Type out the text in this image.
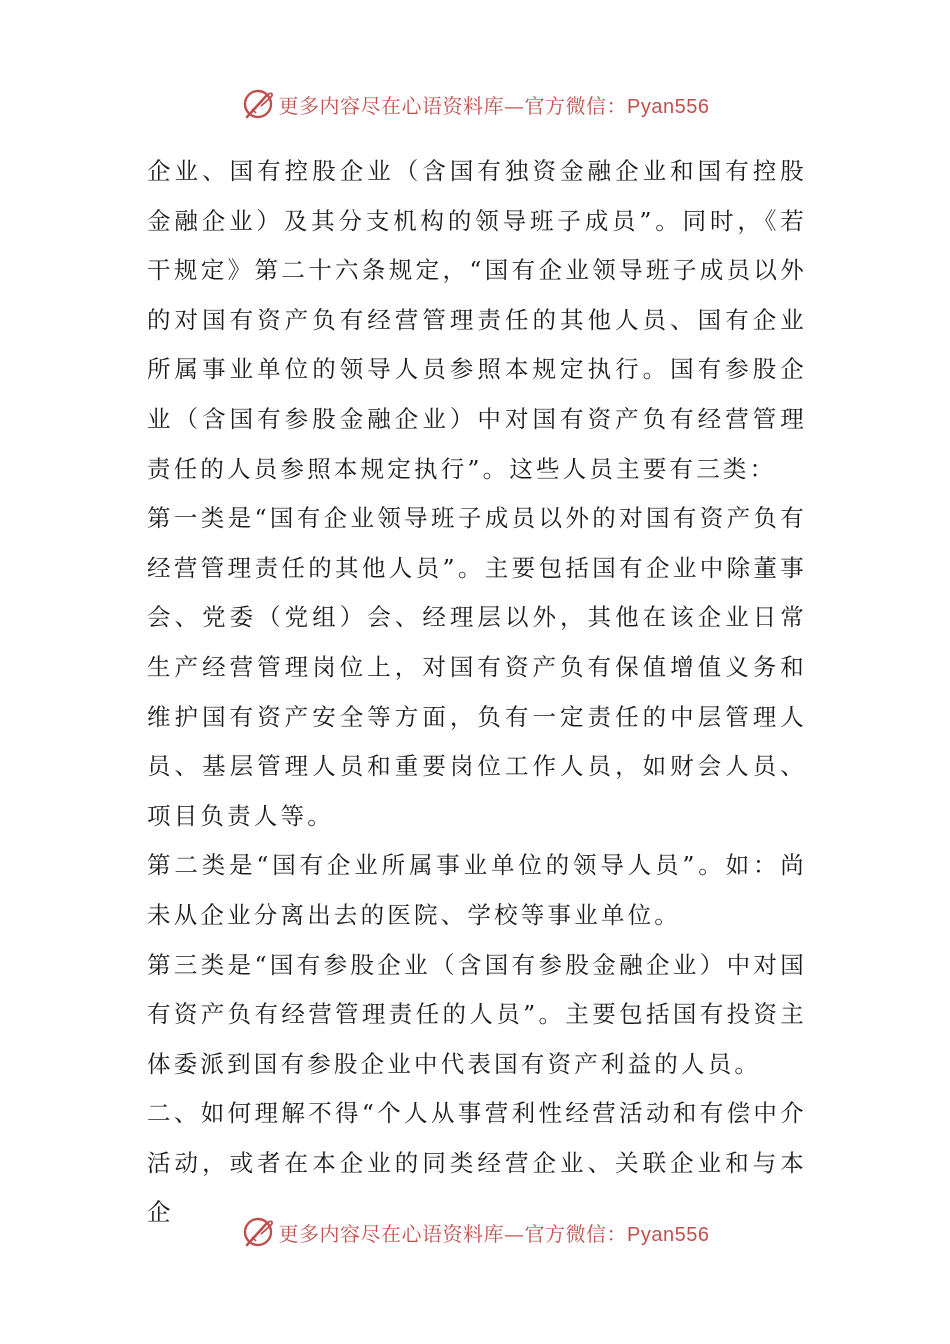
更多内容尽在心语资料库—官方微信：Pyan556

企业、国有控股企业（含国有独资金融企业和国有控股金融企业）及其分支机构的领导班子成员”。同时，《若干规定》第二十六条规定，“国有企业领导班子成员以外的对国有资产负有经营管理责任的其他人员、国有企业所属事业单位的领导人员参照本规定执行。国有参股企业（含国有参股金融企业）中对国有资产负有经营管理责任的人员参照本规定执行”。这些人员主要有三类：

第一类是“国有企业领导班子成员以外的对国有资产负有经营管理责任的其他人员”。主要包括国有企业中除董事会、党委（党组）会、经理层以外，其他在该企业日常生产经营管理岗位上，对国有资产负有保值增值义务和维护国有资产安全等方面，负有一定责任的中层管理人员、基层管理人员和重要岗位工作人员，如财会人员、项目负责人等。

第二类是“国有企业所属事业单位的领导人员”。如：尚未从企业分离出去的医院、学校等事业单位。

第三类是“国有参股企业（含国有参股金融企业）中对国有资产负有经营管理责任的人员”。主要包括国有投资主体委派到国有参股企业中代表国有资产利益的人员。

二、如何理解不得“个人从事营利性经营活动和有偿中介活动，或者在本企业的同类经营企业、关联企业和与本企

更多内容尽在心语资料库—官方微信：Pyan556
